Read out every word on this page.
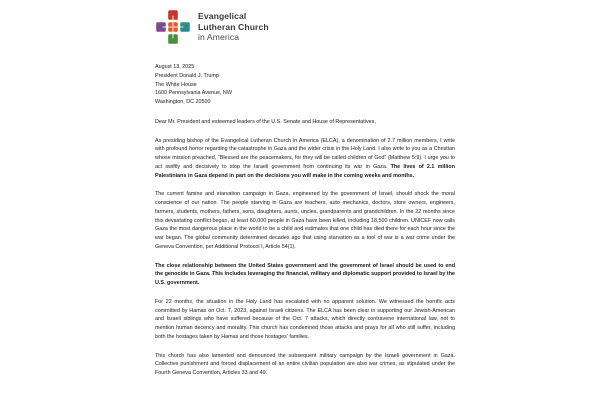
Evangelical
Lutheran Church
in America
August 13, 2025
President Donald J. Trump
The White House
1600 Pennsylvania Avenue, NW
Washington, DC 20500

Dear Mr. President and esteemed leaders of the U.S. Senate and House of Representatives,

As presiding bishop of the Evangelical Lutheran Church in America (ELCA), a denomination of 2.7 million members, I write with profound horror regarding the catastrophe in Gaza and the wider crisis in the Holy Land. I also write to you as a Christian whose mission preached, “Blessed are the peacemakers, for they will be called children of God” (Matthew 5:9). I urge you to act swiftly and decisively to stop the Israeli government from continuing its war in Gaza. The lives of 2.1 million Palestinians in Gaza depend in part on the decisions you will make in the coming weeks and months.

The current famine and starvation campaign in Gaza, engineered by the government of Israel, should shock the moral conscience of our nation. The people starving in Gaza are teachers, auto mechanics, doctors, store owners, engineers, farmers, students, mothers, fathers, sons, daughters, aunts, uncles, grandparents and grandchildren. In the 22 months since this devastating conflict began, at least 60,000 people in Gaza have been killed, including 18,500 children. UNICEF now calls Gaza the most dangerous place in the world to be a child and estimates that one child has died there for each hour since the war began. The global community determined decades ago that using starvation as a tool of war is a war crime under the Geneva Convention, per Additional Protocol I, Article 54(1).

The close relationship between the United States government and the government of Israel should be used to end the genocide in Gaza. This includes leveraging the financial, military and diplomatic support provided to Israel by the U.S. government.

For 22 months, the situation in the Holy Land has escalated with no apparent solution. We witnessed the horrific acts committed by Hamas on Oct. 7, 2023, against Israeli citizens. The ELCA has been clear in supporting our Jewish-American and Israeli siblings who have suffered because of the Oct. 7 attacks, which directly contravene international law, not to mention human decency and morality. This church has condemned those attacks and prays for all who still suffer, including both the hostages taken by Hamas and those hostages’ families.

This church has also lamented and denounced the subsequent military campaign by the Israeli government in Gaza. Collective punishment and forced displacement of an entire civilian population are also war crimes, as stipulated under the Fourth Geneva Convention, Articles 33 and 49.
